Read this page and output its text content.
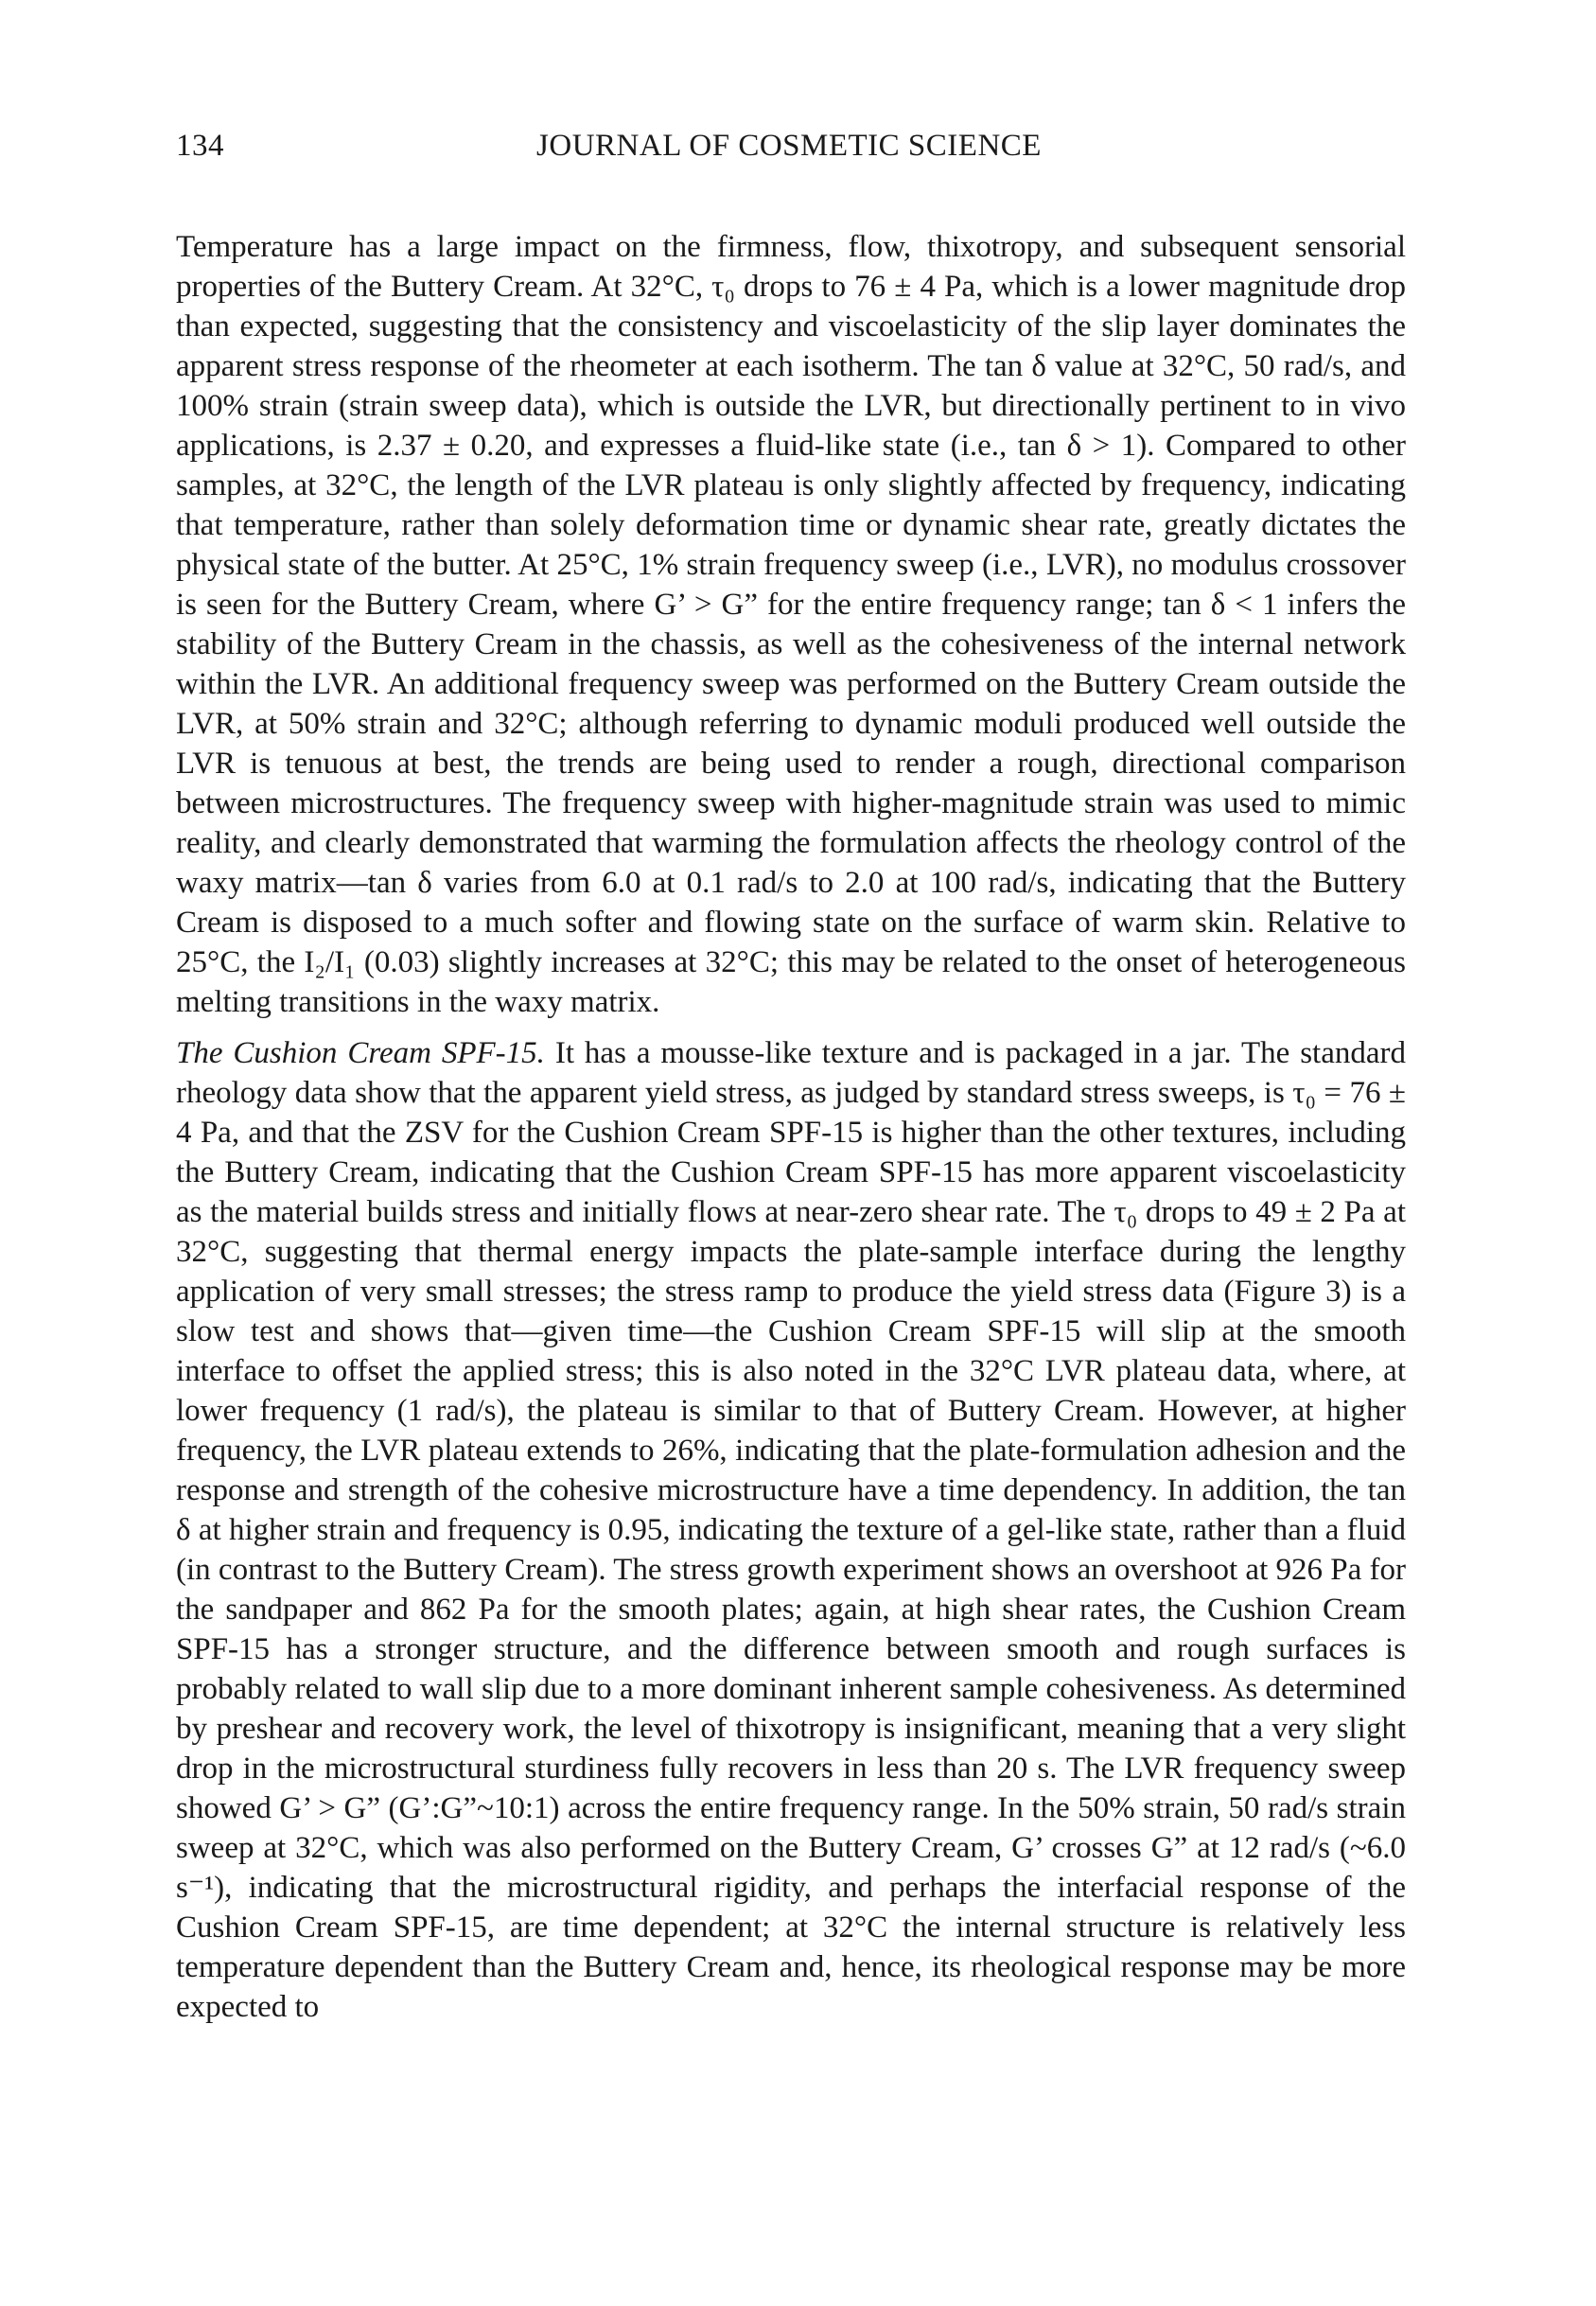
134	JOURNAL OF COSMETIC SCIENCE

Temperature has a large impact on the firmness, flow, thixotropy, and subsequent sensorial properties of the Buttery Cream. At 32°C, τ₀ drops to 76 ± 4 Pa, which is a lower magnitude drop than expected, suggesting that the consistency and viscoelasticity of the slip layer dominates the apparent stress response of the rheometer at each isotherm. The tan δ value at 32°C, 50 rad/s, and 100% strain (strain sweep data), which is outside the LVR, but directionally pertinent to in vivo applications, is 2.37 ± 0.20, and expresses a fluid-like state (i.e., tan δ > 1). Compared to other samples, at 32°C, the length of the LVR plateau is only slightly affected by frequency, indicating that temperature, rather than solely deformation time or dynamic shear rate, greatly dictates the physical state of the butter. At 25°C, 1% strain frequency sweep (i.e., LVR), no modulus crossover is seen for the Buttery Cream, where G’ > G” for the entire frequency range; tan δ < 1 infers the stability of the Buttery Cream in the chassis, as well as the cohesiveness of the internal network within the LVR. An additional frequency sweep was performed on the Buttery Cream outside the LVR, at 50% strain and 32°C; although referring to dynamic moduli produced well outside the LVR is tenuous at best, the trends are being used to render a rough, directional comparison between microstructures. The frequency sweep with higher-magnitude strain was used to mimic reality, and clearly demonstrated that warming the formulation affects the rheology control of the waxy matrix—tan δ varies from 6.0 at 0.1 rad/s to 2.0 at 100 rad/s, indicating that the Buttery Cream is disposed to a much softer and flowing state on the surface of warm skin. Relative to 25°C, the I₂/I₁ (0.03) slightly increases at 32°C; this may be related to the onset of heterogeneous melting transitions in the waxy matrix.

The Cushion Cream SPF-15. It has a mousse-like texture and is packaged in a jar. The standard rheology data show that the apparent yield stress, as judged by standard stress sweeps, is τ₀ = 76 ± 4 Pa, and that the ZSV for the Cushion Cream SPF-15 is higher than the other textures, including the Buttery Cream, indicating that the Cushion Cream SPF-15 has more apparent viscoelasticity as the material builds stress and initially flows at near-zero shear rate. The τ₀ drops to 49 ± 2 Pa at 32°C, suggesting that thermal energy impacts the plate-sample interface during the lengthy application of very small stresses; the stress ramp to produce the yield stress data (Figure 3) is a slow test and shows that—given time—the Cushion Cream SPF-15 will slip at the smooth interface to offset the applied stress; this is also noted in the 32°C LVR plateau data, where, at lower frequency (1 rad/s), the plateau is similar to that of Buttery Cream. However, at higher frequency, the LVR plateau extends to 26%, indicating that the plate-formulation adhesion and the response and strength of the cohesive microstructure have a time dependency. In addition, the tan δ at higher strain and frequency is 0.95, indicating the texture of a gel-like state, rather than a fluid (in contrast to the Buttery Cream). The stress growth experiment shows an overshoot at 926 Pa for the sandpaper and 862 Pa for the smooth plates; again, at high shear rates, the Cushion Cream SPF-15 has a stronger structure, and the difference between smooth and rough surfaces is probably related to wall slip due to a more dominant inherent sample cohesiveness. As determined by preshear and recovery work, the level of thixotropy is insignificant, meaning that a very slight drop in the microstructural sturdiness fully recovers in less than 20 s. The LVR frequency sweep showed G’ > G” (G’:G”~10:1) across the entire frequency range. In the 50% strain, 50 rad/s strain sweep at 32°C, which was also performed on the Buttery Cream, G’ crosses G” at 12 rad/s (~6.0 s⁻¹), indicating that the microstructural rigidity, and perhaps the interfacial response of the Cushion Cream SPF-15, are time dependent; at 32°C the internal structure is relatively less temperature dependent than the Buttery Cream and, hence, its rheological response may be more expected to
